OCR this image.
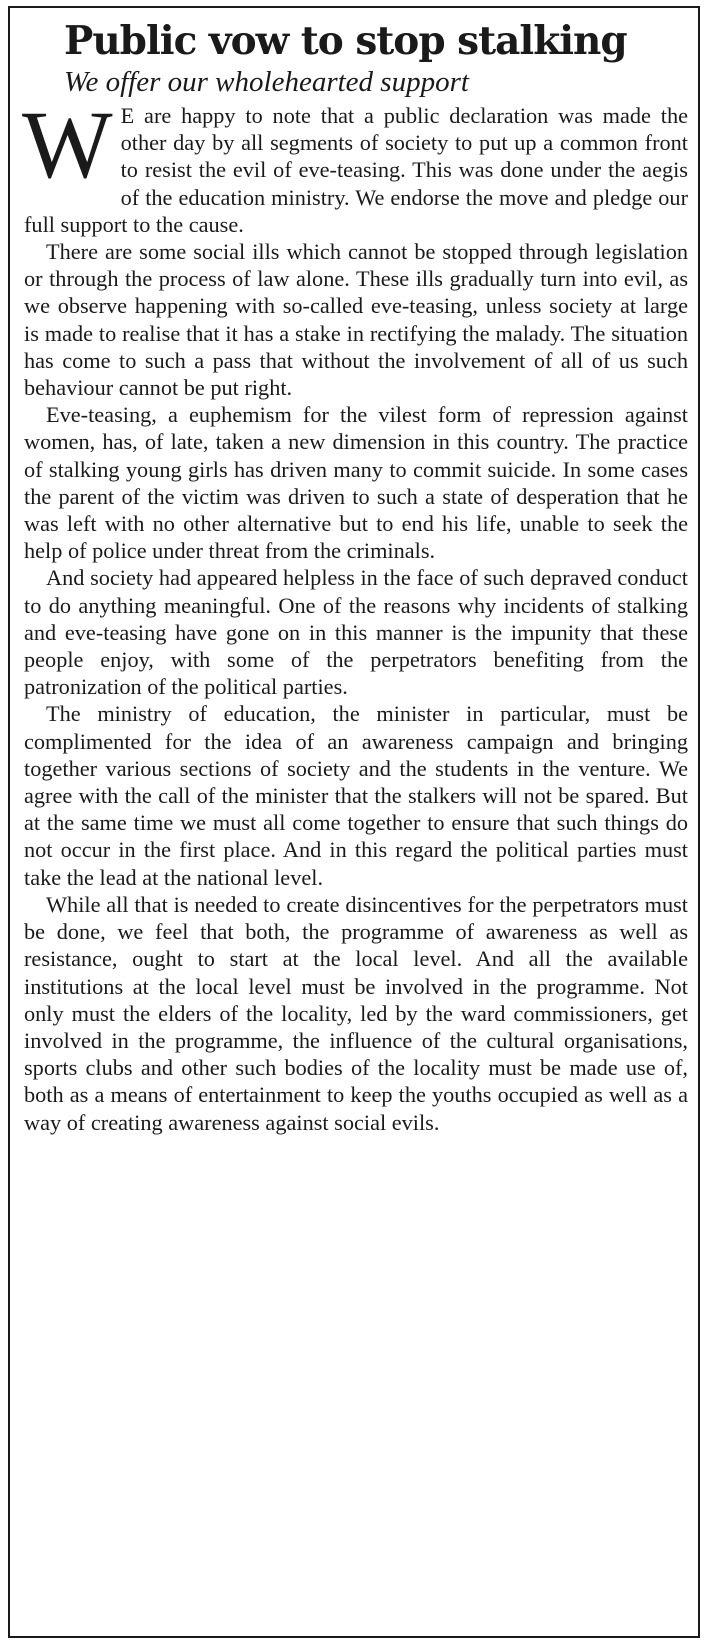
Public vow to stop stalking
We offer our wholehearted support

W E are happy to note that a public declaration was made the other day by all segments of society to put up a common front to resist the evil of eve-teasing. This was done under the aegis of the education ministry. We endorse the move and pledge our full support to the cause.

There are some social ills which cannot be stopped through legislation or through the process of law alone. These ills gradually turn into evil, as we observe happening with so-called eve-teasing, unless society at large is made to realise that it has a stake in rectifying the malady. The situation has come to such a pass that without the involvement of all of us such behaviour cannot be put right.

Eve-teasing, a euphemism for the vilest form of repression against women, has, of late, taken a new dimension in this country. The practice of stalking young girls has driven many to commit suicide. In some cases the parent of the victim was driven to such a state of desperation that he was left with no other alternative but to end his life, unable to seek the help of police under threat from the criminals.

And society had appeared helpless in the face of such depraved conduct to do anything meaningful. One of the reasons why incidents of stalking and eve-teasing have gone on in this manner is the impunity that these people enjoy, with some of the perpetrators benefiting from the patronization of the political parties.

The ministry of education, the minister in particular, must be complimented for the idea of an awareness campaign and bringing together various sections of society and the students in the venture. We agree with the call of the minister that the stalkers will not be spared. But at the same time we must all come together to ensure that such things do not occur in the first place. And in this regard the political parties must take the lead at the national level.

While all that is needed to create disincentives for the perpetrators must be done, we feel that both, the programme of awareness as well as resistance, ought to start at the local level. And all the available institutions at the local level must be involved in the programme. Not only must the elders of the locality, led by the ward commissioners, get involved in the programme, the influence of the cultural organisations, sports clubs and other such bodies of the locality must be made use of, both as a means of entertainment to keep the youths occupied as well as a way of creating awareness against social evils.
